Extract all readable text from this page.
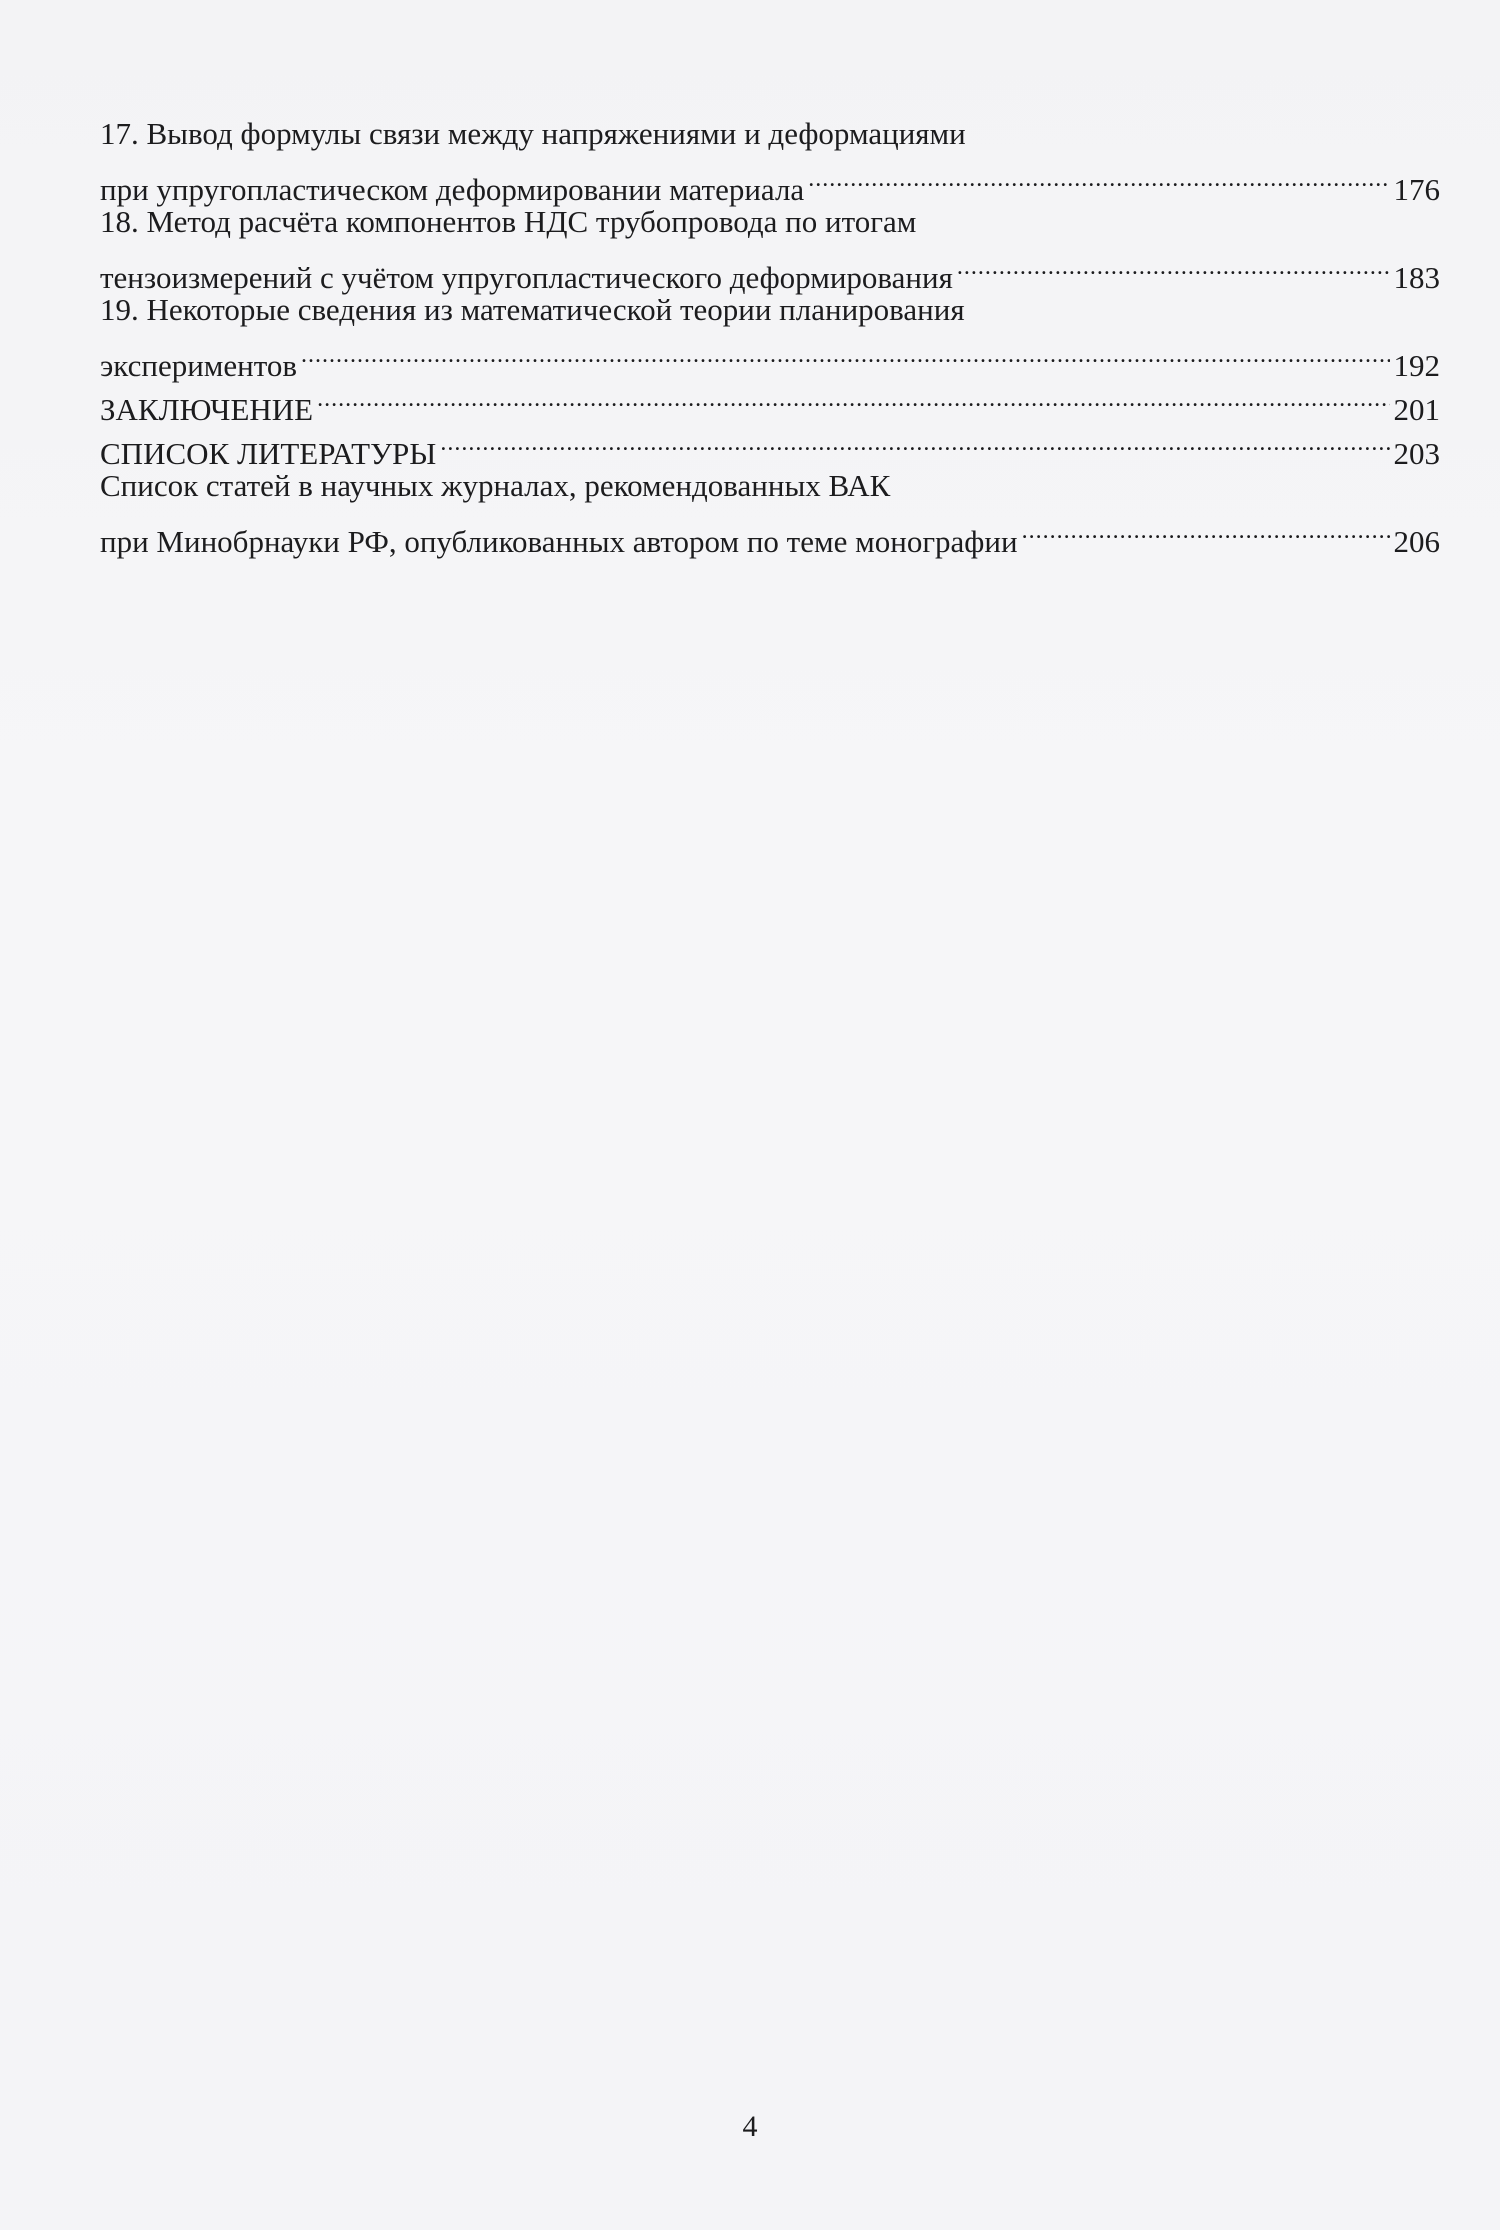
17. Вывод формулы связи между напряжениями и деформациями
при упругопластическом деформировании материала .....	176
18. Метод расчёта компонентов НДС трубопровода по итогам
тензоизмерений с учётом упругопластического деформирования .....	183
19. Некоторые сведения из математической теории планирования
экспериментов .....	192
ЗАКЛЮЧЕНИЕ .....	201
СПИСОК ЛИТЕРАТУРЫ .....	203
Список статей в научных журналах, рекомендованных ВАК
при Минобрнауки РФ, опубликованных автором по теме монографии .....	206
4
